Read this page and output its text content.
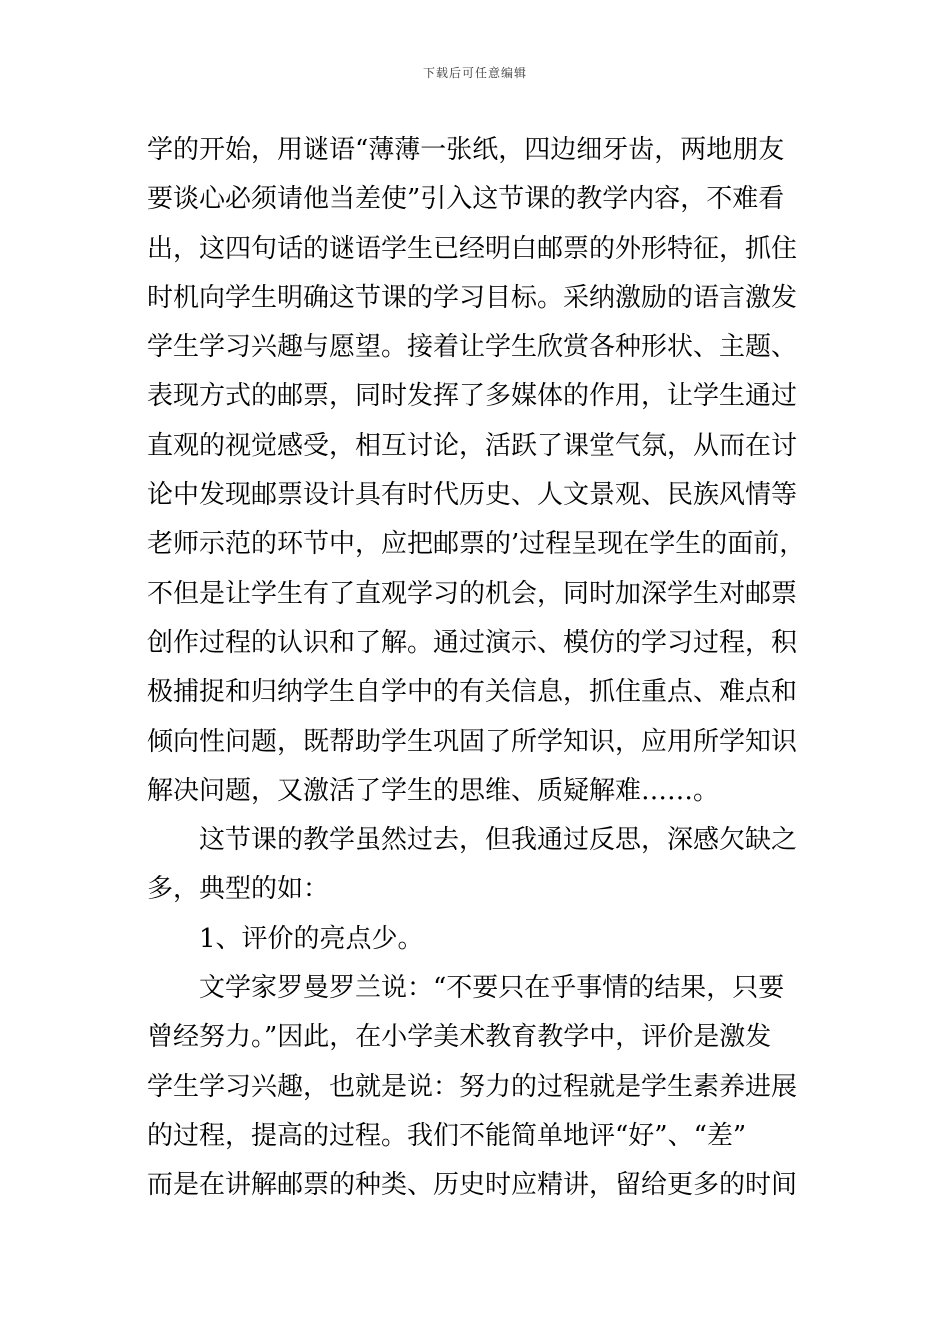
下载后可任意编辑
学的开始，用谜语“薄薄一张纸，四边细牙齿，两地朋友
要谈心必须请他当差使”引入这节课的教学内容，不难看
出，这四句话的谜语学生已经明白邮票的外形特征，抓住
时机向学生明确这节课的学习目标。采纳激励的语言激发
学生学习兴趣与愿望。接着让学生欣赏各种形状、主题、
表现方式的邮票，同时发挥了多媒体的作用，让学生通过
直观的视觉感受，相互讨论，活跃了课堂气氛，从而在讨
论中发现邮票设计具有时代历史、人文景观、民族风情等
老师示范的环节中，应把邮票的’过程呈现在学生的面前，
不但是让学生有了直观学习的机会，同时加深学生对邮票
创作过程的认识和了解。通过演示、模仿的学习过程，积
极捕捉和归纳学生自学中的有关信息，抓住重点、难点和
倾向性问题，既帮助学生巩固了所学知识，应用所学知识
解决问题，又激活了学生的思维、质疑解难……。
这节课的教学虽然过去，但我通过反思，深感欠缺之
多，典型的如：
1、评价的亮点少。
文学家罗曼罗兰说：“不要只在乎事情的结果，只要
曾经努力。”因此，在小学美术教育教学中，评价是激发
学生学习兴趣，也就是说：努力的过程就是学生素养进展
的过程，提高的过程。我们不能简单地评“好”、“差”
而是在讲解邮票的种类、历史时应精讲，留给更多的时间
